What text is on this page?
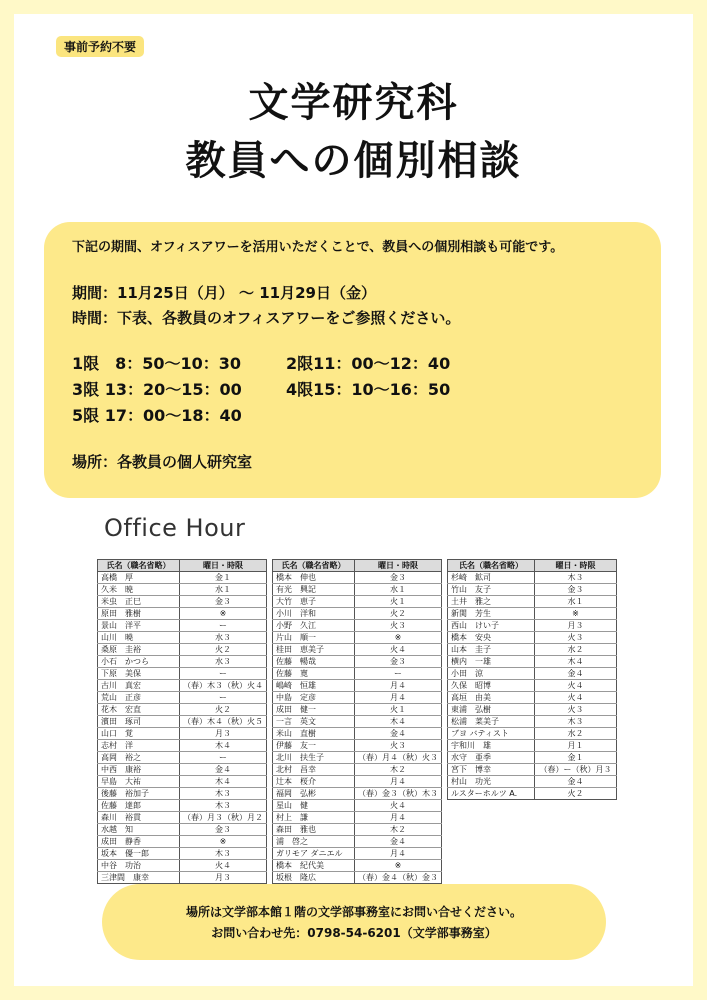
事前予約不要
文学研究科
教員への個別相談
下記の期間、オフィスアワーを活用いただくことで、教員への個別相談も可能です。
期間：11月25日（月） ～ 11月29日（金）
時間：下表、各教員のオフィスアワーをご参照ください。
1限　8：50～10：30	2限11：00～12：40
3限 13：20～15：00	4限15：10～16：50
5限 17：00～18：40
場所：各教員の個人研究室
Office Hour
氏名（職名省略）	曜日・時限
高橋　厚	金１
久米　暁	水１
米虫　正巳	金３
原田　雅樹	※
景山　洋平	ー
山川　曉	水３
桑原　圭裕	火２
小石　かつら	水３
下原　美保	ー
古川　真宏	（春）木３（秋）火４
荒山　正彦	ー
花木　宏直	火２
濱田　琢司	（春）木４（秋）火５
山口　覚	月３
志村　洋	木４
高岡　裕之	ー
中西　康裕	金４
早島　大祐	木４
後藤　裕加子	木３
佐藤　達郎	木３
森川　裕貫	（春）月３（秋）月２
水越　知	金３
成田　静香	※
坂本　優一郎	木３
中谷　功治	火４
三津間　康幸	月３
氏名（職名省略）	曜日・時限
橋本　伸也	金３
有光　興記	水１
大竹　恵子	火１
小川　洋和	火２
小野　久江	火３
片山　順一	※
桂田　恵美子	火４
佐藤　暢哉	金３
佐藤　寛	ー
嶋崎　恒雄	月４
中島　定彦	月４
成田　健一	火１
一言　英文	木４
米山　直樹	金４
伊藤　友一	火３
北川　扶生子	（春）月４（秋）火３
北村　昌幸	木２
辻本　桜介	月４
福岡　弘彬	（春）金３（秋）木３
星山　健	火４
村上　謙	月４
森田　雅也	木２
浦　啓之	金４
ガリモア ダニエル	月４
橋本　紀代美	※
坂根　隆広	（春）金４（秋）金３
氏名（職名省略）	曜日・時限
杉崎　鉱司	木３
竹山　友子	金３
土井　雅之	水１
新関　芳生	※
西山　けい子	月３
橋本　安央	火３
山本　圭子	水２
横内　一雄	木４
小田　涼	金４
久保　昭博	火４
高垣　由美	火４
東浦　弘樹	火３
松浦　菜美子	木３
ブヨ バティスト	水２
宇和川　雄	月１
水守　亜季	金１
宮下　博幸	（春）ー（秋）月３
村山　功光	金４
ルスターホルツ A.	火２
場所は文学部本館１階の文学部事務室にお問い合せください。
お問い合わせ先：0798-54-6201（文学部事務室）
